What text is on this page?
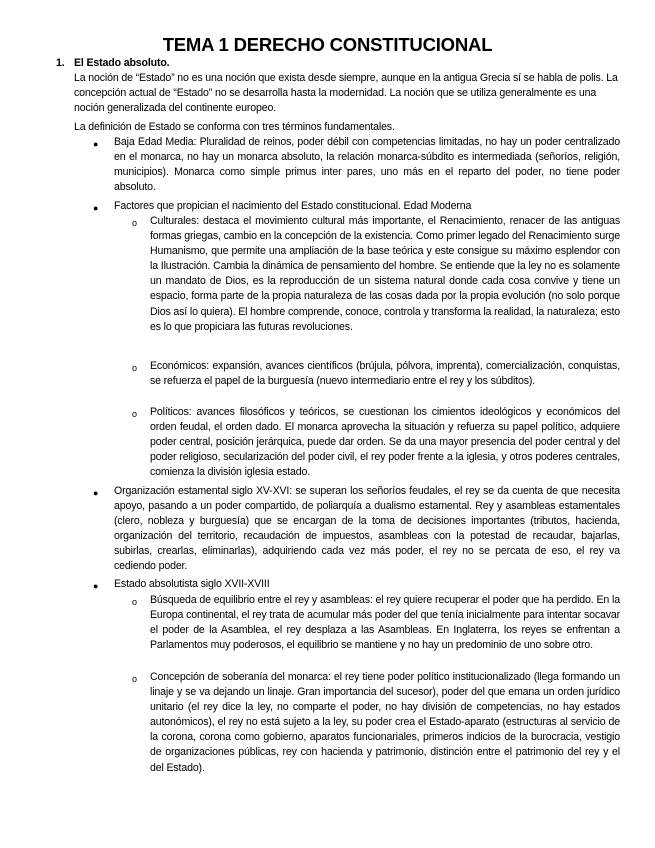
TEMA 1 DERECHO CONSTITUCIONAL
1. El Estado absoluto.
La noción de “Estado” no es una noción que exista desde siempre, aunque en la antigua Grecia sí se habla de polis. La concepción actual de “Estado” no se desarrolla hasta la modernidad. La noción que se utiliza generalmente es una noción generalizada del continente europeo.
La definición de Estado se conforma con tres términos fundamentales.
● Baja Edad Media: Pluralidad de reinos, poder débil con competencias limitadas, no hay un poder centralizado en el monarca, no hay un monarca absoluto, la relación monarca-súbdito es intermediada (señoríos, religión, municipios). Monarca como simple primus inter pares, uno más en el reparto del poder, no tiene poder absoluto.
● Factores que propician el nacimiento del Estado constitucional. Edad Moderna
o Culturales: destaca el movimiento cultural más importante, el Renacimiento, renacer de las antiguas formas griegas, cambio en la concepción de la existencia. Como primer legado del Renacimiento surge Humanismo, que permite una ampliación de la base teórica y este consigue su máximo esplendor con la Ilustración. Cambia la dinámica de pensamiento del hombre. Se entiende que la ley no es solamente un mandato de Dios, es la reproducción de un sistema natural donde cada cosa convive y tiene un espacio, forma parte de la propia naturaleza de las cosas dada por la propia evolución (no solo porque Dios así lo quiera). El hombre comprende, conoce, controla y transforma la realidad, la naturaleza; esto es lo que propiciara las futuras revoluciones.
o Económicos: expansión, avances científicos (brújula, pólvora, imprenta), comercialización, conquistas, se refuerza el papel de la burguesía (nuevo intermediario entre el rey y los súbditos).
o Políticos: avances filosóficos y teóricos, se cuestionan los cimientos ideológicos y económicos del orden feudal, el orden dado. El monarca aprovecha la situación y refuerza su papel político, adquiere poder central, posición jerárquica, puede dar orden. Se da una mayor presencia del poder central y del poder religioso, secularización del poder civil, el rey poder frente a la iglesia, y otros poderes centrales, comienza la división iglesia estado.
● Organización estamental siglo XV-XVI: se superan los señoríos feudales, el rey se da cuenta de que necesita apoyo, pasando a un poder compartido, de poliarquía a dualismo estamental. Rey y asambleas estamentales (clero, nobleza y burguesía) que se encargan de la toma de decisiones importantes (tributos, hacienda, organización del territorio, recaudación de impuestos, asambleas con la potestad de recaudar, bajarlas, subirlas, crearlas, eliminarlas), adquiriendo cada vez más poder, el rey no se percata de eso, el rey va cediendo poder.
● Estado absolutista siglo XVII-XVIII
o Búsqueda de equilibrio entre el rey y asambleas: el rey quiere recuperar el poder que ha perdido. En la Europa continental, el rey trata de acumular más poder del que tenía inicialmente para intentar socavar el poder de la Asamblea, el rey desplaza a las Asambleas. En Inglaterra, los reyes se enfrentan a Parlamentos muy poderosos, el equilibrio se mantiene y no hay un predominio de uno sobre otro.
o Concepción de soberanía del monarca: el rey tiene poder político institucionalizado (llega formando un linaje y se va dejando un linaje. Gran importancia del sucesor), poder del que emana un orden jurídico unitario (el rey dice la ley, no comparte el poder, no hay división de competencias, no hay estados autonómicos), el rey no está sujeto a la ley, su poder crea el Estado-aparato (estructuras al servicio de la corona, corona como gobierno, aparatos funcionariales, primeros indicios de la burocracia, vestigio de organizaciones públicas, rey con hacienda y patrimonio, distinción entre el patrimonio del rey y el del Estado).
